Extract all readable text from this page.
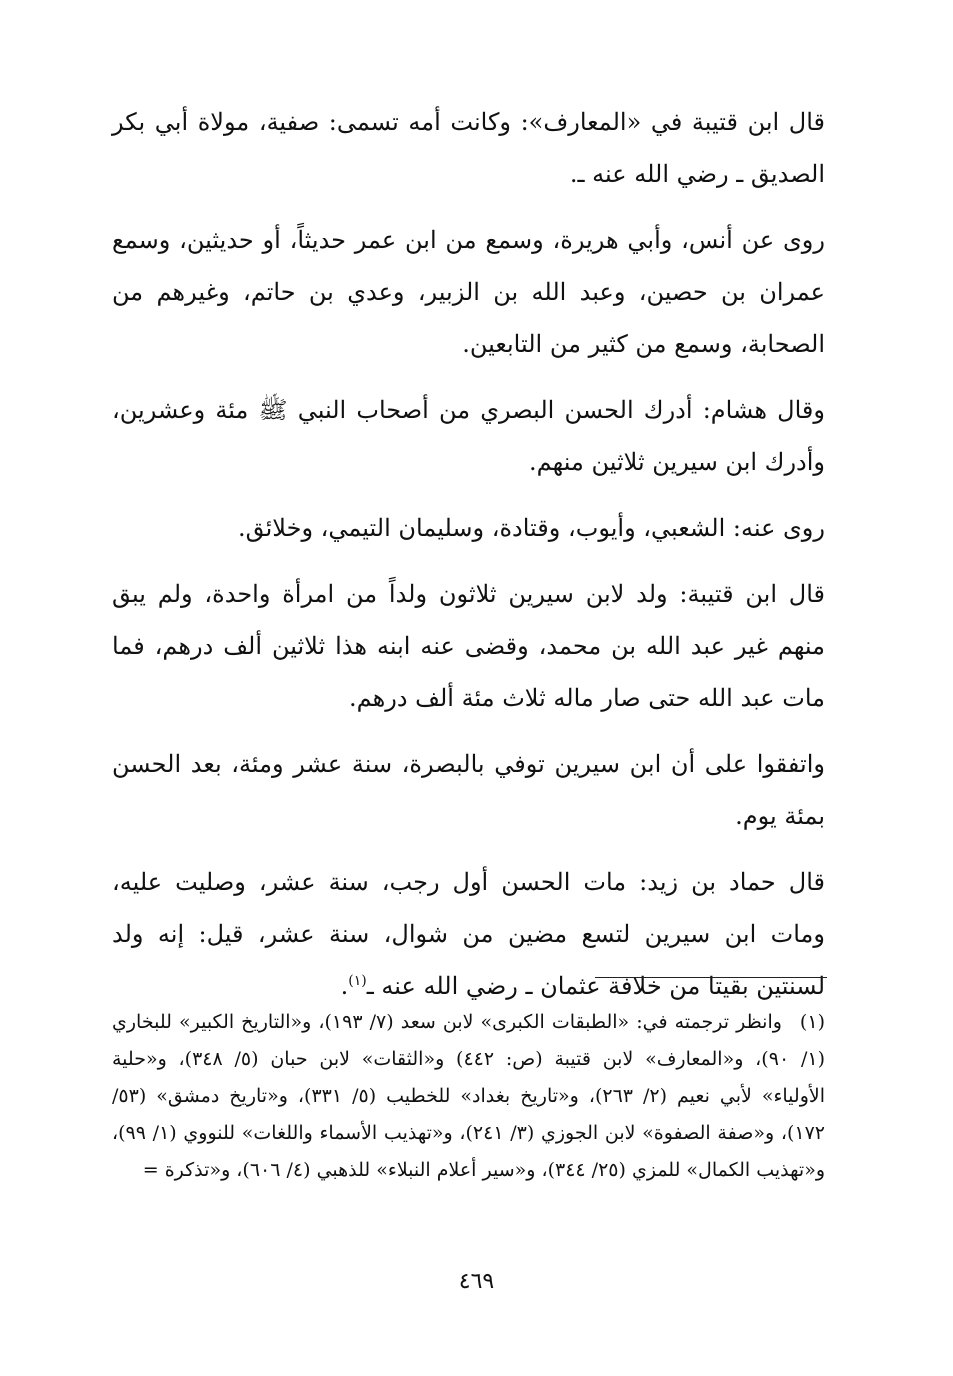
قال ابن قتيبة في «المعارف»: وكانت أمه تسمى: صفية، مولاة أبي بكر الصديق ـ رضي الله عنه ـ.

روى عن أنس، وأبي هريرة، وسمع من ابن عمر حديثاً، أو حديثين، وسمع عمران بن حصين، وعبد الله بن الزبير، وعدي بن حاتم، وغيرهم من الصحابة، وسمع من كثير من التابعين.

وقال هشام: أدرك الحسن البصري من أصحاب النبي ﷺ مئة وعشرين، وأدرك ابن سيرين ثلاثين منهم.

روى عنه: الشعبي، وأيوب، وقتادة، وسليمان التيمي، وخلائق.

قال ابن قتيبة: ولد لابن سيرين ثلاثون ولداً من امرأة واحدة، ولم يبق منهم غير عبد الله بن محمد، وقضى عنه ابنه هذا ثلاثين ألف درهم، فما مات عبد الله حتى صار ماله ثلاث مئة ألف درهم.

واتفقوا على أن ابن سيرين توفي بالبصرة، سنة عشر ومئة، بعد الحسن بمئة يوم.

قال حماد بن زيد: مات الحسن أول رجب، سنة عشر، وصليت عليه، ومات ابن سيرين لتسع مضين من شوال، سنة عشر، قيل: إنه ولد لسنتين بقيتا من خلافة عثمان ـ رضي الله عنه ـ$^{(١)}$.

(١)وانظر ترجمته في: «الطبقات الكبرى» لابن سعد (٧/ ١٩٣)، و«التاريخ الكبير» للبخاري (١/ ٩٠)، و«المعارف» لابن قتيبة (ص: ٤٤٢) و«الثقات» لابن حبان (٥/ ٣٤٨)، و«حلية الأولياء» لأبي نعيم (٢/ ٢٦٣)، و«تاريخ بغداد» للخطيب (٥/ ٣٣١)، و«تاريخ دمشق» (٥٣/ ١٧٢)، و«صفة الصفوة» لابن الجوزي (٣/ ٢٤١)، و«تهذيب الأسماء واللغات» للنووي (١/ ٩٩)، و«تهذيب الكمال» للمزي (٢٥/ ٣٤٤)، و«سير أعلام النبلاء» للذهبي (٤/ ٦٠٦)، و«تذكرة =

٤٦٩
